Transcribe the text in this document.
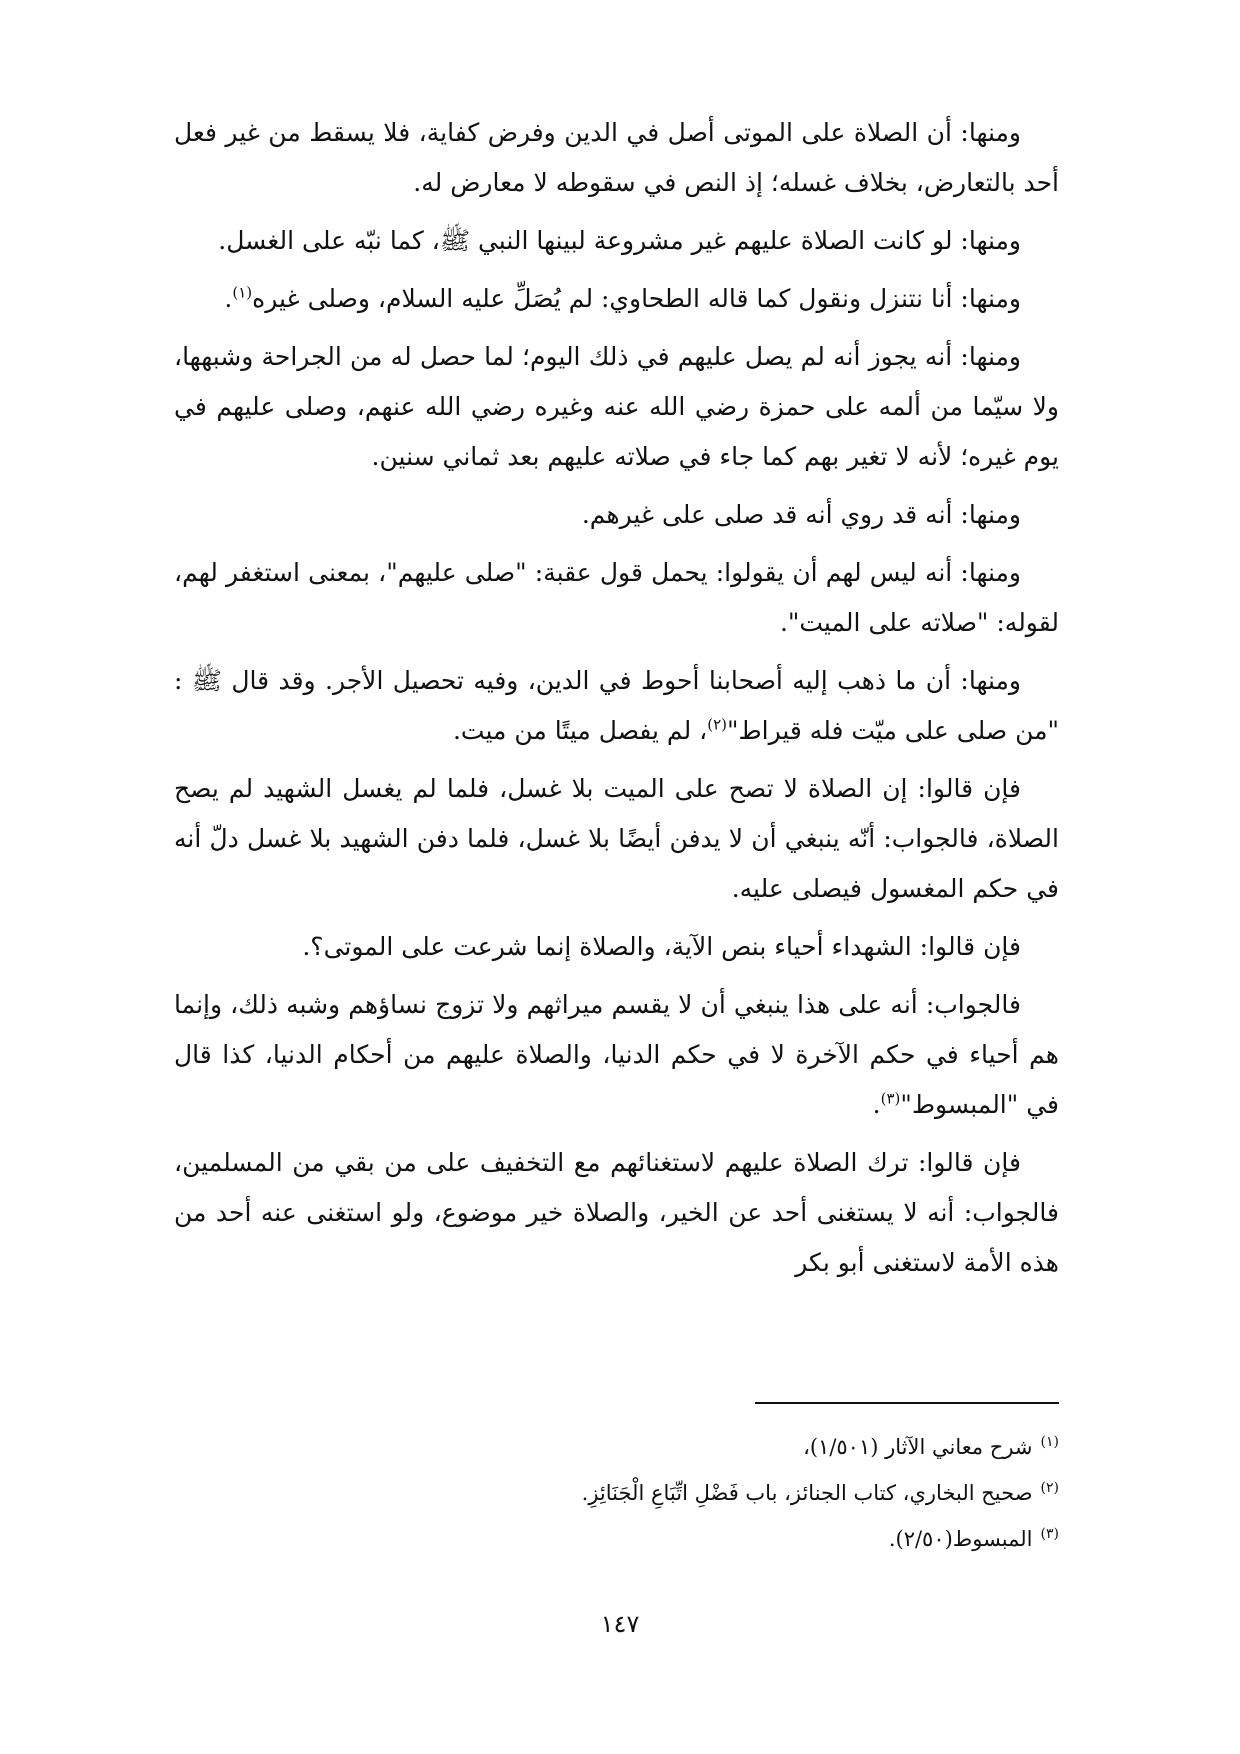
ومنها: أن الصلاة على الموتى أصل في الدين وفرض كفاية، فلا يسقط من غير فعل أحد بالتعارض، بخلاف غسله؛ إذ النص في سقوطه لا معارض له.

ومنها: لو كانت الصلاة عليهم غير مشروعة لبينها النبي ﷺ، كما نبّه على الغسل.

ومنها: أنا نتنزل ونقول كما قاله الطحاوي: لم يُصَلِّ عليه السلام، وصلى غيره$^{(١)}$.

ومنها: أنه يجوز أنه لم يصل عليهم في ذلك اليوم؛ لما حصل له من الجراحة وشبهها، ولا سيّما من ألمه على حمزة رضي الله عنه وغيره رضي الله عنهم، وصلى عليهم في يوم غيره؛ لأنه لا تغير بهم كما جاء في صلاته عليهم بعد ثماني سنين.

ومنها: أنه قد روي أنه قد صلى على غيرهم.

ومنها: أنه ليس لهم أن يقولوا: يحمل قول عقبة: "صلى عليهم"، بمعنى استغفر لهم، لقوله: "صلاته على الميت".

ومنها: أن ما ذهب إليه أصحابنا أحوط في الدين، وفيه تحصيل الأجر. وقد قال ﷺ : "من صلى على ميّت فله قيراط"$^{(٢)}$، لم يفصل ميتًا من ميت.

فإن قالوا: إن الصلاة لا تصح على الميت بلا غسل، فلما لم يغسل الشهيد لم يصح الصلاة، فالجواب: أنّه ينبغي أن لا يدفن أيضًا بلا غسل، فلما دفن الشهيد بلا غسل دلّ أنه في حكم المغسول فيصلى عليه.

فإن قالوا: الشهداء أحياء بنص الآية، والصلاة إنما شرعت على الموتى؟.

فالجواب: أنه على هذا ينبغي أن لا يقسم ميراثهم ولا تزوج نساؤهم وشبه ذلك، وإنما هم أحياء في حكم الآخرة لا في حكم الدنيا، والصلاة عليهم من أحكام الدنيا، كذا قال في "المبسوط"$^{(٣)}$.

فإن قالوا: ترك الصلاة عليهم لاستغنائهم مع التخفيف على من بقي من المسلمين، فالجواب: أنه لا يستغنى أحد عن الخير، والصلاة خير موضوع، ولو استغنى عنه أحد من هذه الأمة لاستغنى أبو بكر

$^{(١)}$شرح معاني الآثار (١/٥٠١)،

$^{(٢)}$صحيح البخاري، كتاب الجنائز، باب فَضْلِ اتِّبَاعِ الْجَنَائِزِ.

$^{(٣)}$المبسوط(٢/٥٠).

١٤٧
